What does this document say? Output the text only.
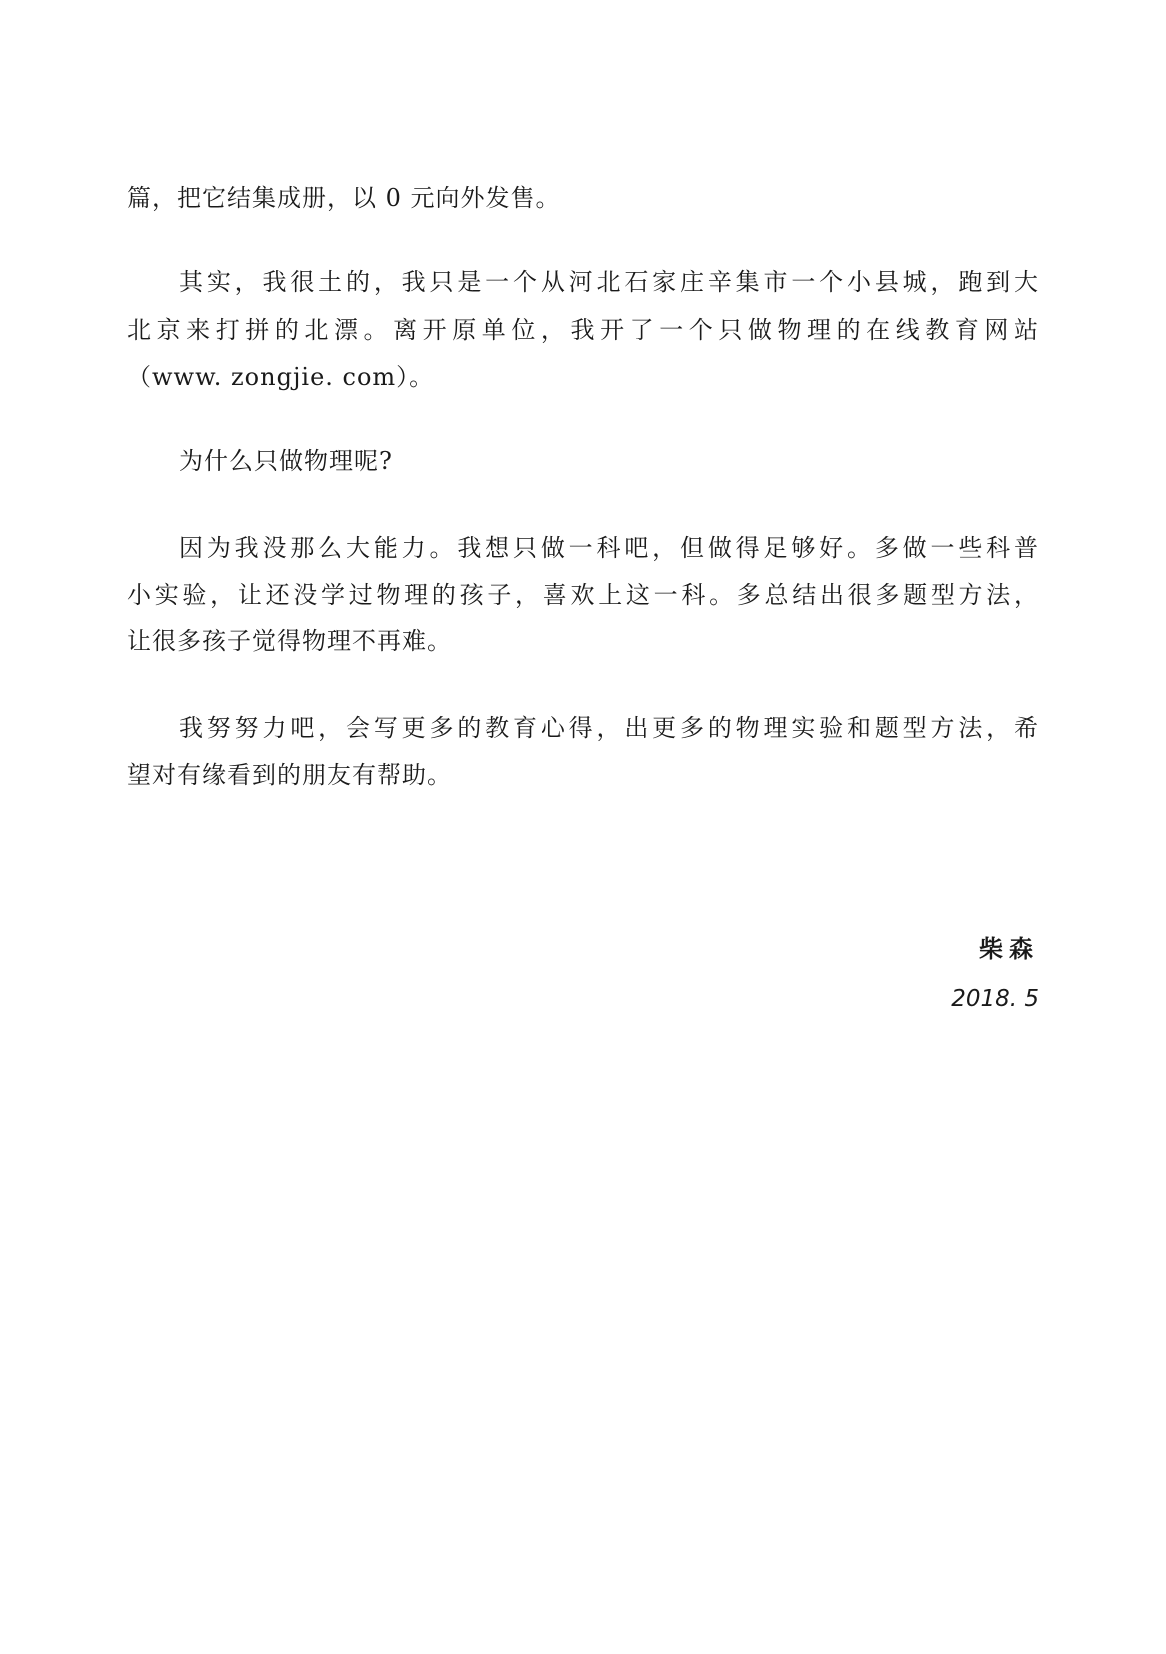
篇，把它结集成册，以 0 元向外发售。
其实，我很土的，我只是一个从河北石家庄辛集市一个小县城，跑到大
北京来打拼的北漂。离开原单位，我开了一个只做物理的在线教育网站
（www. zongjie. com）。
为什么只做物理呢?
因为我没那么大能力。我想只做一科吧，但做得足够好。多做一些科普
小实验，让还没学过物理的孩子，喜欢上这一科。多总结出很多题型方法，
让很多孩子觉得物理不再难。
我努努力吧，会写更多的教育心得，出更多的物理实验和题型方法，希
望对有缘看到的朋友有帮助。
柴森
2018. 5
